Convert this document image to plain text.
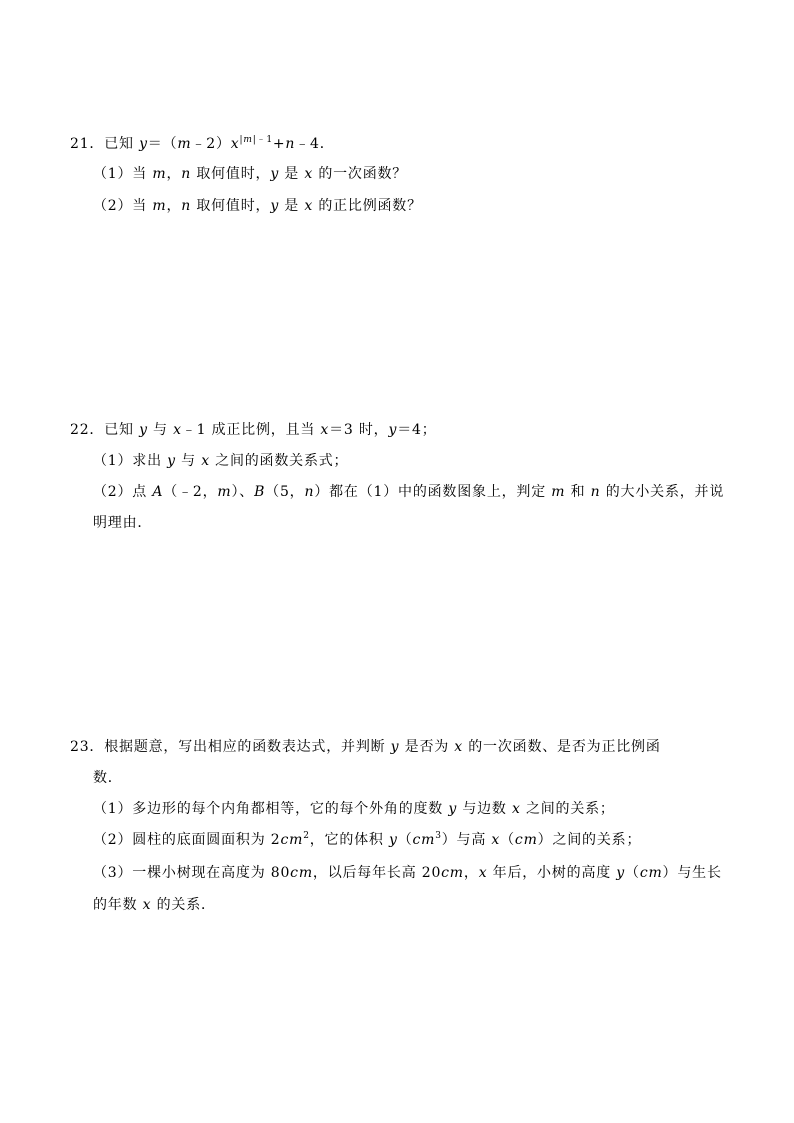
21．已知 $y=(m﹣2)x^{|m|﹣1}+n﹣4$．
（1）当 m，n 取何值时，y 是 x 的一次函数？
（2）当 m，n 取何值时，y 是 x 的正比例函数？
22．已知 y 与 x﹣1 成正比例，且当 x＝3 时，y＝4；
（1）求出 y 与 x 之间的函数关系式；
（2）点 A（﹣2，m）、B（5，n）都在（1）中的函数图象上，判定 m 和 n 的大小关系，并说
明理由．
23．根据题意，写出相应的函数表达式，并判断 y 是否为 x 的一次函数、是否为正比例函
数．
（1）多边形的每个内角都相等，它的每个外角的度数 y 与边数 x 之间的关系；
（2）圆柱的底面圆面积为 $2cm^2$，它的体积 $y(cm^3)$与高 x（cm）之间的关系；
（3）一棵小树现在高度为 80cm，以后每年长高 20cm，x 年后，小树的高度 y（cm）与生长
的年数 x 的关系．
